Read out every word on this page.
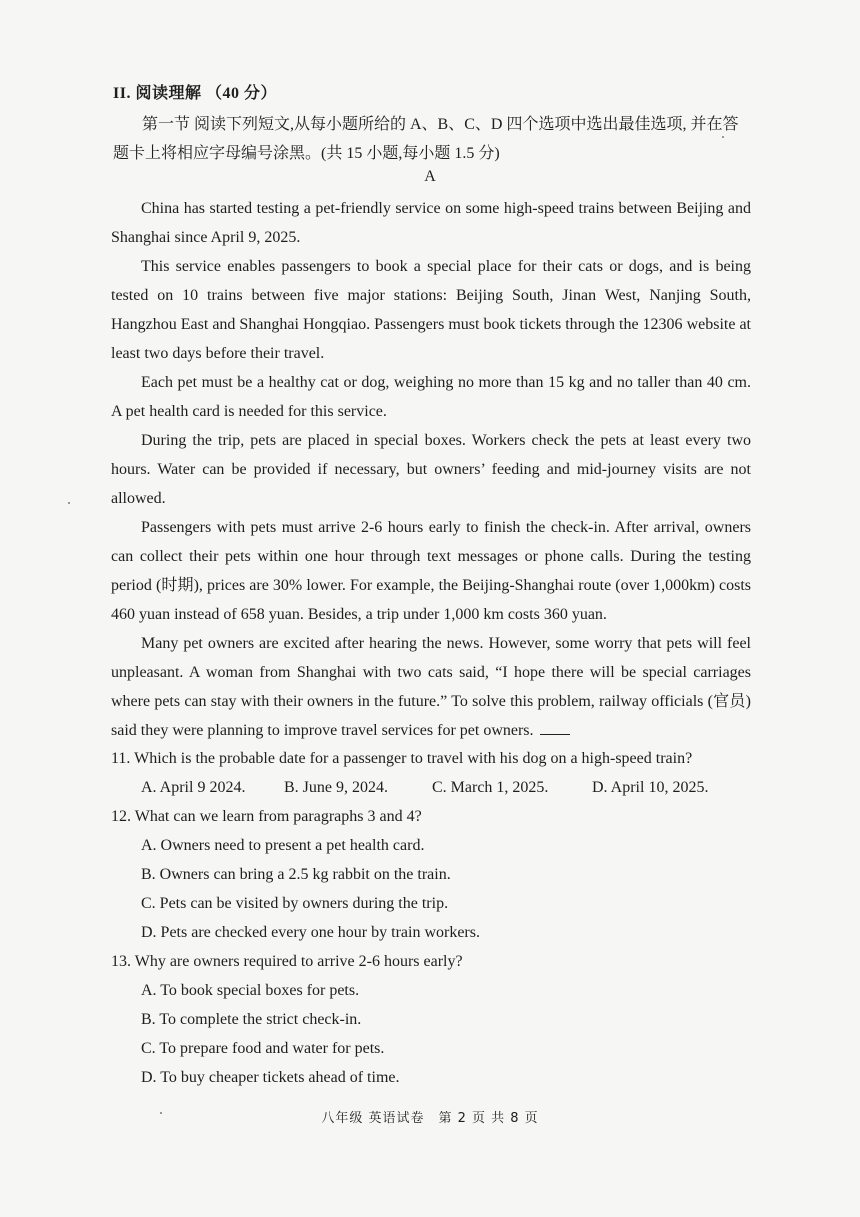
II. 阅读理解 （40 分）
第一节 阅读下列短文,从每小题所给的 A、B、C、D 四个选项中选出最佳选项, 并在答题卡上将相应字母编号涂黑。(共 15 小题,每小题 1.5 分)
A

China has started testing a pet-friendly service on some high-speed trains between Beijing and Shanghai since April 9, 2025.

This service enables passengers to book a special place for their cats or dogs, and is being tested on 10 trains between five major stations: Beijing South, Jinan West, Nanjing South, Hangzhou East and Shanghai Hongqiao. Passengers must book tickets through the 12306 website at least two days before their travel.

Each pet must be a healthy cat or dog, weighing no more than 15 kg and no taller than 40 cm. A pet health card is needed for this service.

During the trip, pets are placed in special boxes. Workers check the pets at least every two hours. Water can be provided if necessary, but owners’ feeding and mid-journey visits are not allowed.

Passengers with pets must arrive 2-6 hours early to finish the check-in. After arrival, owners can collect their pets within one hour through text messages or phone calls. During the testing period (时期), prices are 30% lower. For example, the Beijing-Shanghai route (over 1,000km) costs 460 yuan instead of 658 yuan. Besides, a trip under 1,000 km costs 360 yuan.

Many pet owners are excited after hearing the news. However, some worry that pets will feel unpleasant. A woman from Shanghai with two cats said, “I hope there will be special carriages where pets can stay with their owners in the future.” To solve this problem, railway officials (官员) said they were planning to improve travel services for pet owners.

11. Which is the probable date for a passenger to travel with his dog on a high-speed train?

A. April 9 2024.	B. June 9, 2024.	C. March 1, 2025.	D. April 10, 2025.

12. What can we learn from paragraphs 3 and 4?

A. Owners need to present a pet health card.

B. Owners can bring a 2.5 kg rabbit on the train.

C. Pets can be visited by owners during the trip.

D. Pets are checked every one hour by train workers.

13. Why are owners required to arrive 2-6 hours early?

A. To book special boxes for pets.

B. To complete the strict check-in.

C. To prepare food and water for pets.

D. To buy cheaper tickets ahead of time.

八年级 英语试卷 第 2 页 共 8 页
